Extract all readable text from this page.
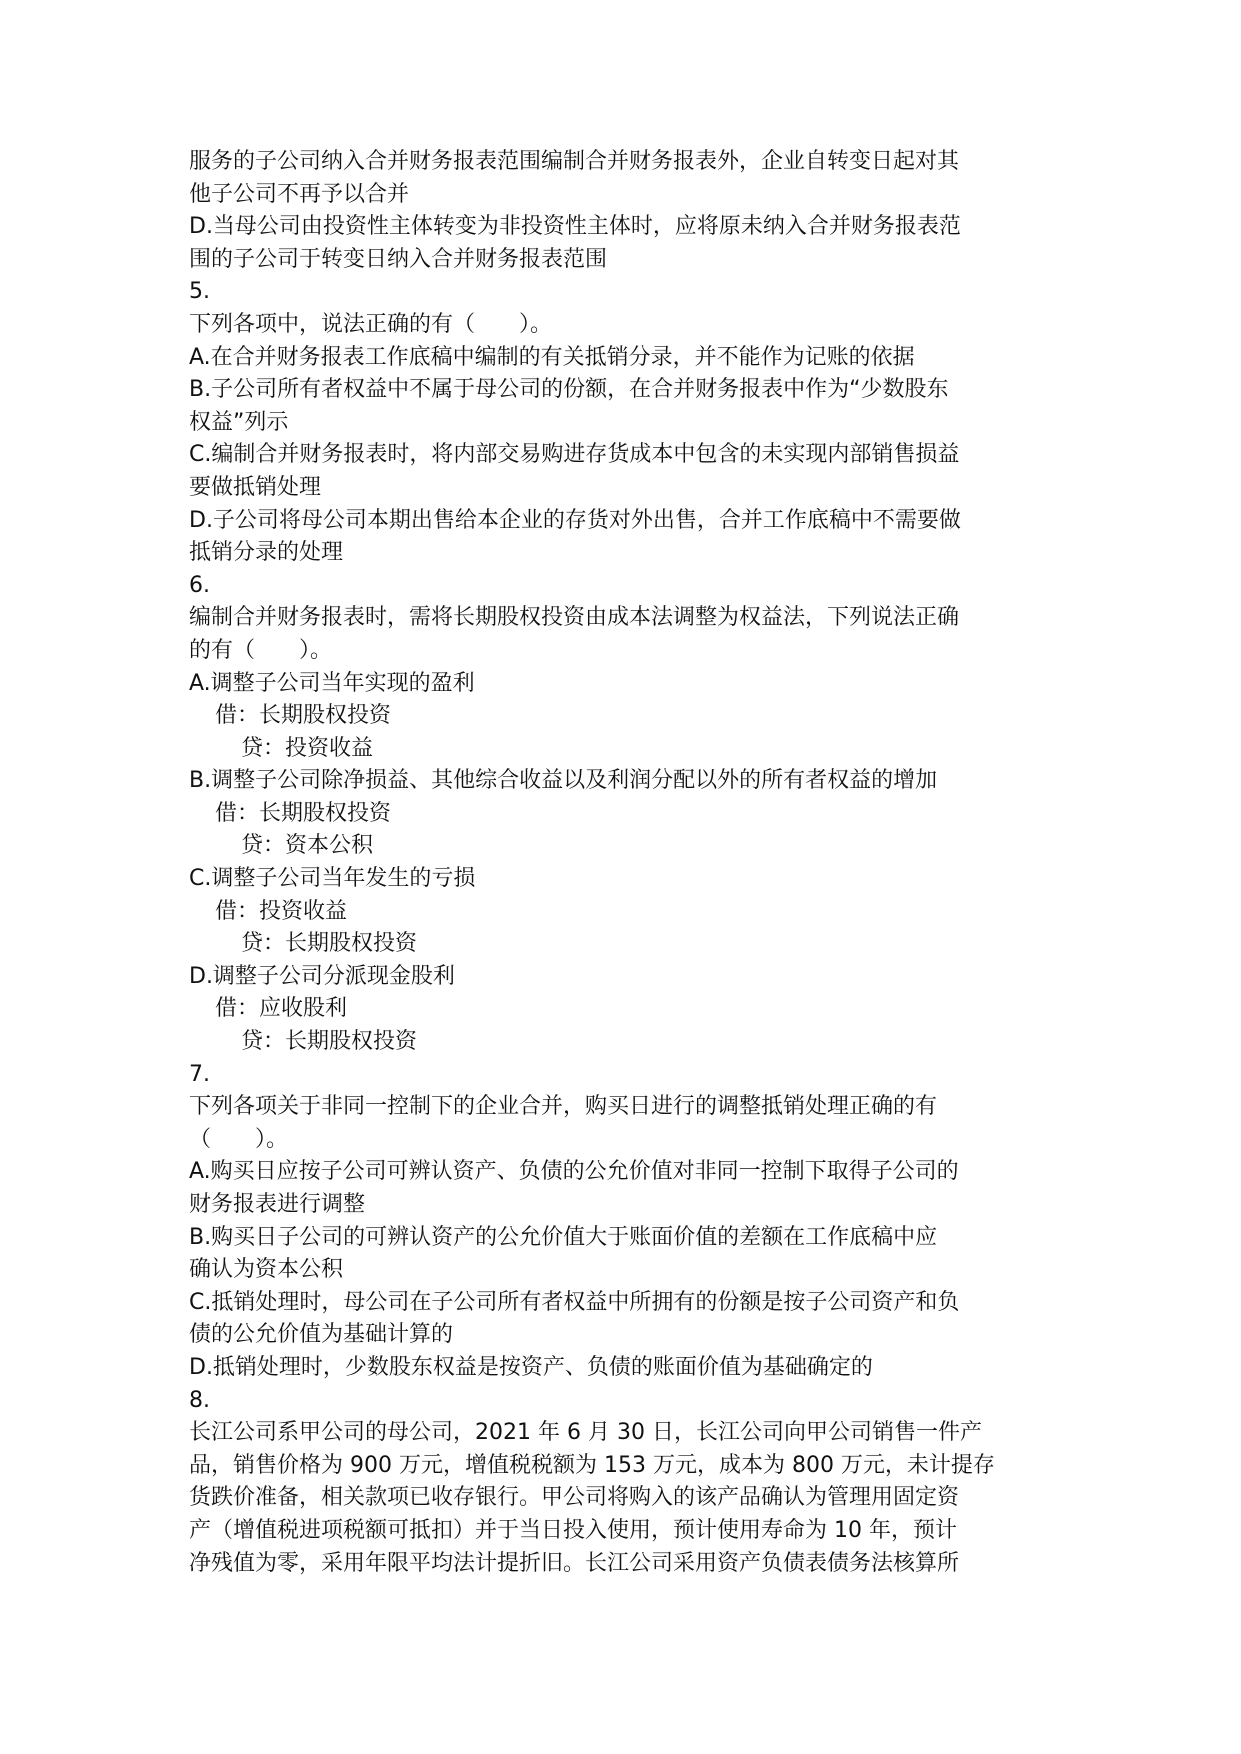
服务的子公司纳入合并财务报表范围编制合并财务报表外，企业自转变日起对其
他子公司不再予以合并
D.当母公司由投资性主体转变为非投资性主体时，应将原未纳入合并财务报表范
围的子公司于转变日纳入合并财务报表范围
5.
下列各项中，说法正确的有（　　）。
A.在合并财务报表工作底稿中编制的有关抵销分录，并不能作为记账的依据
B.子公司所有者权益中不属于母公司的份额，在合并财务报表中作为“少数股东
权益”列示
C.编制合并财务报表时，将内部交易购进存货成本中包含的未实现内部销售损益
要做抵销处理
D.子公司将母公司本期出售给本企业的存货对外出售，合并工作底稿中不需要做
抵销分录的处理
6.
编制合并财务报表时，需将长期股权投资由成本法调整为权益法，下列说法正确
的有（　　）。
A.调整子公司当年实现的盈利
借：长期股权投资
贷：投资收益
B.调整子公司除净损益、其他综合收益以及利润分配以外的所有者权益的增加
借：长期股权投资
贷：资本公积
C.调整子公司当年发生的亏损
借：投资收益
贷：长期股权投资
D.调整子公司分派现金股利
借：应收股利
贷：长期股权投资
7.
下列各项关于非同一控制下的企业合并，购买日进行的调整抵销处理正确的有
（　　）。
A.购买日应按子公司可辨认资产、负债的公允价值对非同一控制下取得子公司的
财务报表进行调整
B.购买日子公司的可辨认资产的公允价值大于账面价值的差额在工作底稿中应
确认为资本公积
C.抵销处理时，母公司在子公司所有者权益中所拥有的份额是按子公司资产和负
债的公允价值为基础计算的
D.抵销处理时，少数股东权益是按资产、负债的账面价值为基础确定的
8.
长江公司系甲公司的母公司，2021 年 6 月 30 日，长江公司向甲公司销售一件产
品，销售价格为 900 万元，增值税税额为 153 万元，成本为 800 万元，未计提存
货跌价准备，相关款项已收存银行。甲公司将购入的该产品确认为管理用固定资
产（增值税进项税额可抵扣）并于当日投入使用，预计使用寿命为 10 年，预计
净残值为零，采用年限平均法计提折旧。长江公司采用资产负债表债务法核算所
